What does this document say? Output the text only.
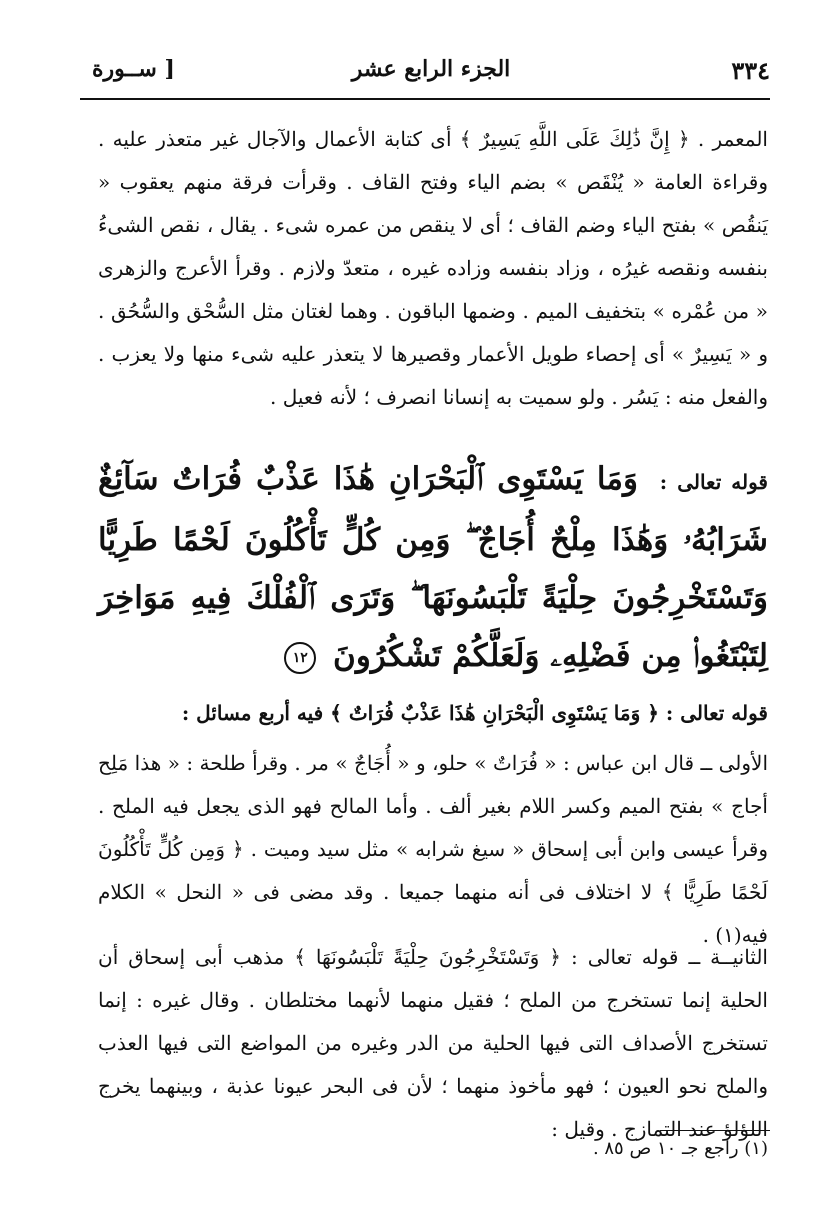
٣٣٤
الجزء الرابع عشر
[ ســورة
المعمر . ﴿ إِنَّ ذَٰلِكَ عَلَى اللَّهِ يَسِيرٌ ﴾ أى كتابة الأعمال والآجال غير متعذر عليه . وقراءة العامة « يُنْقَص » بضم الياء وفتح القاف . وقرأت فرقة منهم يعقوب « يَنقُص » بفتح الياء وضم القاف ؛ أى لا ينقص من عمره شىء . يقال ، نقص الشىءُ بنفسه ونقصه غيرُه ، وزاد بنفسه وزاده غيره ، متعدّ ولازم . وقرأ الأعرج والزهرى « من عُمْره » بتخفيف الميم . وضمها الباقون . وهما لغتان مثل السُّحْق والسُّحُق . و « يَسِيرٌ » أى إحصاء طويل الأعمار وقصيرها لا يتعذر عليه شىء منها ولا يعزب . والفعل منه : يَسُر . ولو سميت به إنسانا انصرف ؛ لأنه فعيل .
قوله تعالى : وَمَا يَسْتَوِى ٱلْبَحْرَانِ هَٰذَا عَذْبٌ فُرَاتٌ سَآئِغٌ شَرَابُهُۥ وَهَٰذَا مِلْحٌ أُجَاجٌ ۖ وَمِن كُلٍّ تَأْكُلُونَ لَحْمًا طَرِيًّا وَتَسْتَخْرِجُونَ حِلْيَةً تَلْبَسُونَهَا ۖ وَتَرَى ٱلْفُلْكَ فِيهِ مَوَاخِرَ لِتَبْتَغُوا۟ مِن فَضْلِهِۦ وَلَعَلَّكُمْ تَشْكُرُونَ ١٢
قوله تعالى : ﴿ وَمَا يَسْتَوِى الْبَحْرَانِ هَٰذَا عَذْبٌ فُرَاتٌ ﴾ فيه أربع مسائل :
الأولى ــ قال ابن عباس : « فُرَاتٌ » حلو، و « أُجَاجٌ » مر . وقرأ طلحة : « هذا مَلِح أجاج » بفتح الميم وكسر اللام بغير ألف . وأما المالح فهو الذى يجعل فيه الملح . وقرأ عيسى وابن أبى إسحاق « سيغ شرابه » مثل سيد وميت . ﴿ وَمِن كُلٍّ تَأْكُلُونَ لَحْمًا طَرِيًّا ﴾ لا اختلاف فى أنه منهما جميعا . وقد مضى فى « النحل » الكلام فيه(١) .
الثانيــة ــ قوله تعالى : ﴿ وَتَسْتَخْرِجُونَ حِلْيَةً تَلْبَسُونَهَا ﴾ مذهب أبى إسحاق أن الحلية إنما تستخرج من الملح ؛ فقيل منهما لأنهما مختلطان . وقال غيره : إنما تستخرج الأصداف التى فيها الحلية من الدر وغيره من المواضع التى فيها العذب والملح نحو العيون ؛ فهو مأخوذ منهما ؛ لأن فى البحر عيونا عذبة ، وبينهما يخرج اللؤلؤ عند التمازج . وقيل :
(١) راجع جـ ١٠ ص ٨٥ .
